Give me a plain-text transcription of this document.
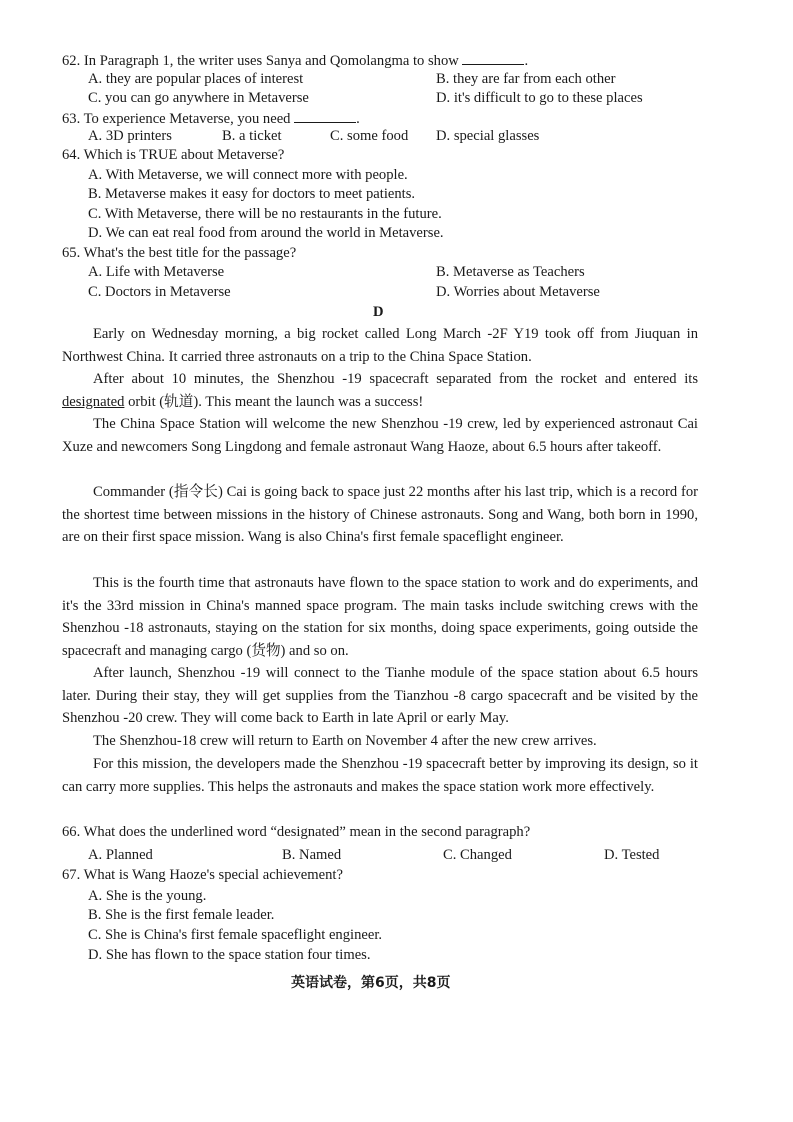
62. In Paragraph 1, the writer uses Sanya and Qomolangma to show	.
A. they are popular places of interest	B. they are far from each other
C. you can go anywhere in Metaverse	D. it's difficult to go to these places
63. To experience Metaverse, you need	.
A. 3D printers	B. a ticket	C. some food D. special glasses
64. Which is TRUE about Metaverse?
A. With Metaverse, we will connect more with people.
B. Metaverse makes it easy for doctors to meet patients.
C. With Metaverse, there will be no restaurants in the future.
D. We can eat real food from around the world in Metaverse.
65. What's the best title for the passage?
A. Life with Metaverse	B. Metaverse as Teachers
C. Doctors in Metaverse	D. Worries about Metaverse
D
Early on Wednesday morning, a big rocket called Long March -2F Y19 took off from Jiuquan in Northwest China. It carried three astronauts on a trip to the China Space Station.
After about 10 minutes, the Shenzhou -19 spacecraft separated from the rocket and entered its designated orbit (轨道). This meant the launch was a success!
The China Space Station will welcome the new Shenzhou -19 crew, led by experienced astronaut Cai Xuze and newcomers Song Lingdong and female astronaut Wang Haoze, about 6.5 hours after takeoff.
Commander (指令长) Cai is going back to space just 22 months after his last trip, which is a record for the shortest time between missions in the history of Chinese astronauts. Song and Wang, both born in 1990, are on their first space mission. Wang is also China's first female spaceflight engineer.
This is the fourth time that astronauts have flown to the space station to work and do experiments, and it's the 33rd mission in China's manned space program. The main tasks include switching crews with the Shenzhou -18 astronauts, staying on the station for six months, doing space experiments, going outside the spacecraft and managing cargo (货物) and so on.
After launch, Shenzhou -19 will connect to the Tianhe module of the space station about 6.5 hours later. During their stay, they will get supplies from the Tianzhou -8 cargo spacecraft and be visited by the Shenzhou -20 crew. They will come back to Earth in late April or early May.
The Shenzhou-18 crew will return to Earth on November 4 after the new crew arrives.
For this mission, the developers made the Shenzhou -19 spacecraft better by improving its design, so it can carry more supplies. This helps the astronauts and makes the space station work more effectively.
66. What does the underlined word “designated” mean in the second paragraph?
A. Planned	B. Named	C. Changed	D. Tested
67. What is Wang Haoze's special achievement?
A. She is the young.
B. She is the first female leader.
C. She is China's first female spaceflight engineer.
D. She has flown to the space station four times.
英语试卷，第6页，共8页
